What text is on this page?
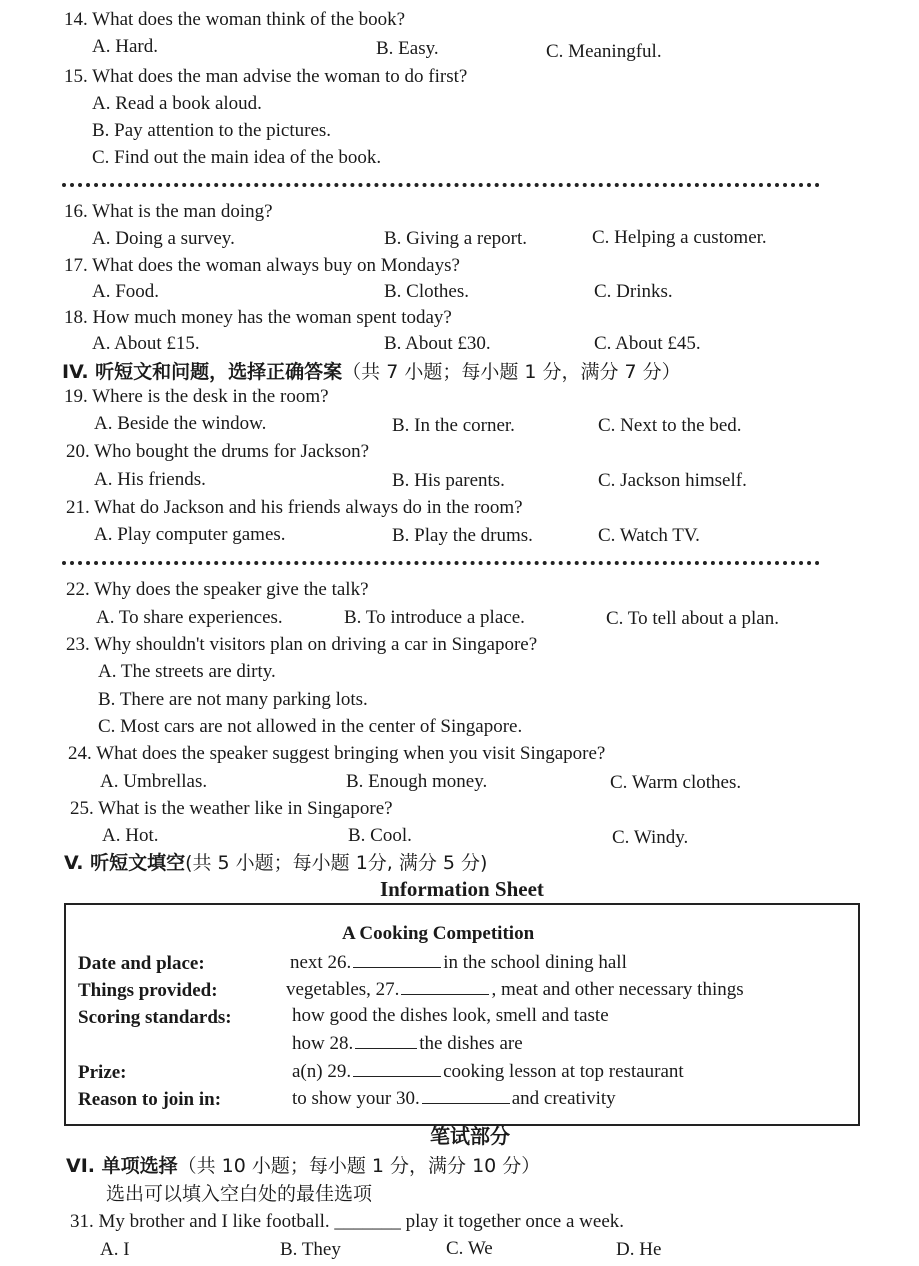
14. What does the woman think of the book?
A. Hard.	B. Easy.	C. Meaningful.
15. What does the man advise the woman to do first?
A. Read a book aloud.
B. Pay attention to the pictures.
C. Find out the main idea of the book.
16. What is the man doing?
A. Doing a survey.	B. Giving a report.	C. Helping a customer.
17. What does the woman always buy on Mondays?
A. Food.	B. Clothes.	C. Drinks.
18. How much money has the woman spent today?
A. About £15.	B. About £30.	C. About £45.
IV. 听短文和问题，选择正确答案（共 7 小题；每小题 1 分，满分 7 分）
19. Where is the desk in the room?
A. Beside the window.	B. In the corner.	C. Next to the bed.
20. Who bought the drums for Jackson?
A. His friends.	B. His parents.	C. Jackson himself.
21. What do Jackson and his friends always do in the room?
A. Play computer games.	B. Play the drums.	C. Watch TV.
22. Why does the speaker give the talk?
A. To share experiences.	B. To introduce a place.	C. To tell about a plan.
23. Why shouldn't visitors plan on driving a car in Singapore?
A. The streets are dirty.
B. There are not many parking lots.
C. Most cars are not allowed in the center of Singapore.
24. What does the speaker suggest bringing when you visit Singapore?
A. Umbrellas.	B. Enough money.	C. Warm clothes.
25. What is the weather like in Singapore?
A. Hot.	B. Cool.	C. Windy.
V. 听短文填空(共 5 小题；每小题 1分, 满分 5 分)
Information Sheet
A Cooking Competition
Date and place:	next 26.	in the school dining hall
Things provided:	vegetables, 27.	, meat and other necessary things
Scoring standards:	how good the dishes look, smell and taste
how 28.	the dishes are
Prize:	a(n) 29.	cooking lesson at top restaurant
Reason to join in:	to show your 30.	and creativity
笔试部分
VI. 单项选择（共 10 小题；每小题 1 分，满分 10 分）
选出可以填入空白处的最佳选项
31. My brother and I like football. _______ play it together once a week.
A. I	B. They	C. We	D. He
